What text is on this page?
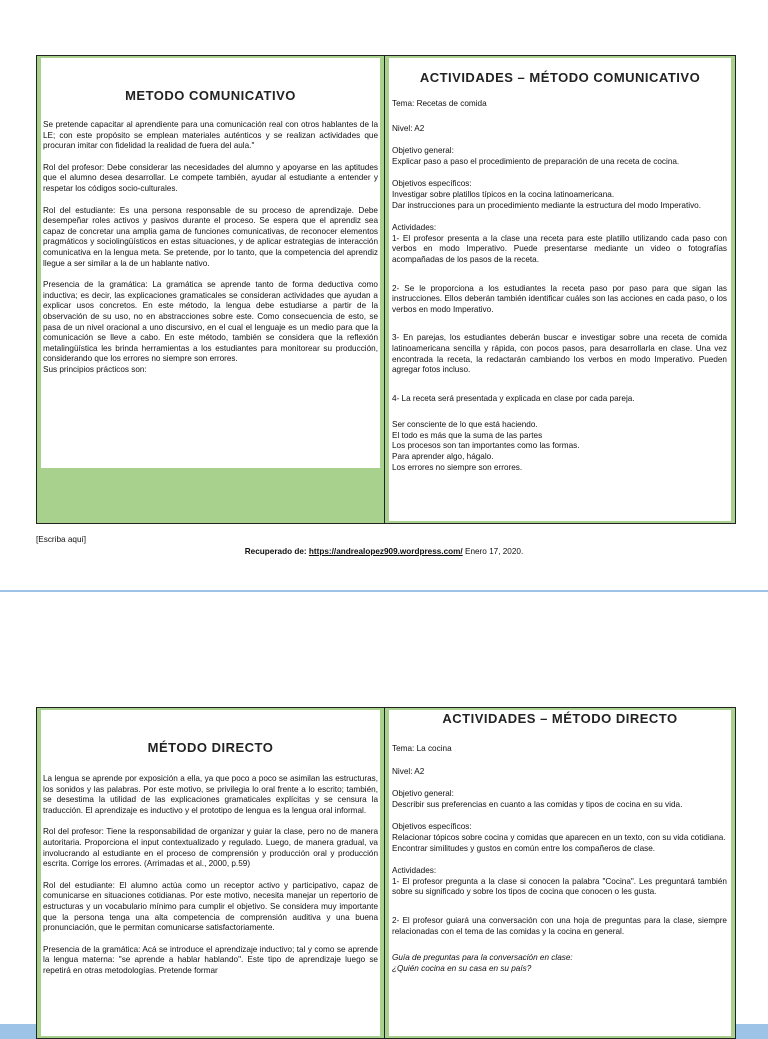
METODO COMUNICATIVO

Se pretende capacitar al aprendiente para una comunicación real con otros hablantes de la LE; con este propósito se emplean materiales auténticos y se realizan actividades que procuran imitar con fidelidad la realidad de fuera del aula."

Rol del profesor: Debe considerar las necesidades del alumno y apoyarse en las aptitudes que el alumno desea desarrollar. Le compete también, ayudar al estudiante a entender y respetar los códigos socio-culturales.

Rol del estudiante: Es una persona responsable de su proceso de aprendizaje. Debe desempeñar roles activos y pasivos durante el proceso. Se espera que el aprendiz sea capaz de concretar una amplia gama de funciones comunicativas, de reconocer elementos pragmáticos y sociolingüísticos en estas situaciones, y de aplicar estrategias de interacción comunicativa en la lengua meta. Se pretende, por lo tanto, que la competencia del aprendiz llegue a ser similar a la de un hablante nativo.

Presencia de la gramática: La gramática se aprende tanto de forma deductiva como inductiva; es decir, las explicaciones gramaticales se consideran actividades que ayudan a explicar usos concretos. En este método, la lengua debe estudiarse a partir de la observación de su uso, no en abstracciones sobre este. Como consecuencia de esto, se pasa de un nivel oracional a uno discursivo, en el cual el lenguaje es un medio para que la comunicación se lleve a cabo. En este método, también se considera que la reflexión metalingüística les brinda herramientas a los estudiantes para monitorear su producción, considerando que los errores no siempre son errores.

Sus principios prácticos son:

ACTIVIDADES – MÉTODO COMUNICATIVO

Tema: Recetas de comida

Nivel: A2

Objetivo general:

Explicar paso a paso el procedimiento de preparación de una receta de cocina.

Objetivos específicos:

Investigar sobre platillos típicos en la cocina latinoamericana.

Dar instrucciones para un procedimiento mediante la estructura del modo Imperativo.

Actividades:

1- El profesor presenta a la clase una receta para este platillo utilizando cada paso con verbos en modo Imperativo. Puede presentarse mediante un video o fotografías acompañadas de los pasos de la receta.

2- Se le proporciona a los estudiantes la receta paso por paso para que sigan las instrucciones. Ellos deberán también identificar cuáles son las acciones en cada paso, o los verbos en modo Imperativo.

3- En parejas, los estudiantes deberán buscar e investigar sobre una receta de comida latinoamericana sencilla y rápida, con pocos pasos, para desarrollarla en clase. Una vez encontrada la receta, la redactarán cambiando los verbos en modo Imperativo. Pueden agregar fotos incluso.

4- La receta será presentada y explicada en clase por cada pareja.

Ser consciente de lo que está haciendo.
El todo es más que la suma de las partes
Los procesos son tan importantes como las formas.
Para aprender algo, hágalo.
Los errores no siempre son errores.
[Escriba aquí]
Recuperado de: https://andrealopez909.wordpress.com/ Enero 17, 2020.
MÉTODO DIRECTO

La lengua se aprende por exposición a ella, ya que poco a poco se asimilan las estructuras, los sonidos y las palabras. Por este motivo, se privilegia lo oral frente a lo escrito; también, se desestima la utilidad de las explicaciones gramaticales explícitas y se censura la traducción. El aprendizaje es inductivo y el prototipo de lengua es la lengua oral informal.

Rol del profesor: Tiene la responsabilidad de organizar y guiar la clase, pero no de manera autoritaria. Proporciona el input contextualizado y regulado. Luego, de manera gradual, va involucrando al estudiante en el proceso de comprensión y producción oral y producción escrita. Corrige los errores. (Arrimadas et al., 2000, p.59)

Rol del estudiante: El alumno actúa como un receptor activo y participativo, capaz de comunicarse en situaciones cotidianas. Por este motivo, necesita manejar un repertorio de estructuras y un vocabulario mínimo para cumplir el objetivo. Se considera muy importante que la persona tenga una alta competencia de comprensión auditiva y una buena pronunciación, que le permitan comunicarse satisfactoriamente.

Presencia de la gramática: Acá se introduce el aprendizaje inductivo; tal y como se aprende la lengua materna: "se aprende a hablar hablando". Este tipo de aprendizaje luego se repetirá en otras metodologías. Pretende formar

ACTIVIDADES – MÉTODO DIRECTO

Tema: La cocina

Nivel: A2

Objetivo general:

Describir sus preferencias en cuanto a las comidas y tipos de cocina en su vida.

Objetivos específicos:

Relacionar tópicos sobre cocina y comidas que aparecen en un texto, con su vida cotidiana.

Encontrar similitudes y gustos en común entre los compañeros de clase.

Actividades:

1- El profesor pregunta a la clase si conocen la palabra "Cocina". Les preguntará también sobre su significado y sobre los tipos de cocina que conocen o les gusta.

2- El profesor guiará una conversación con una hoja de preguntas para la clase, siempre relacionadas con el tema de las comidas y la cocina en general.

Guía de preguntas para la conversación en clase:
¿Quién cocina en su casa en su país?
